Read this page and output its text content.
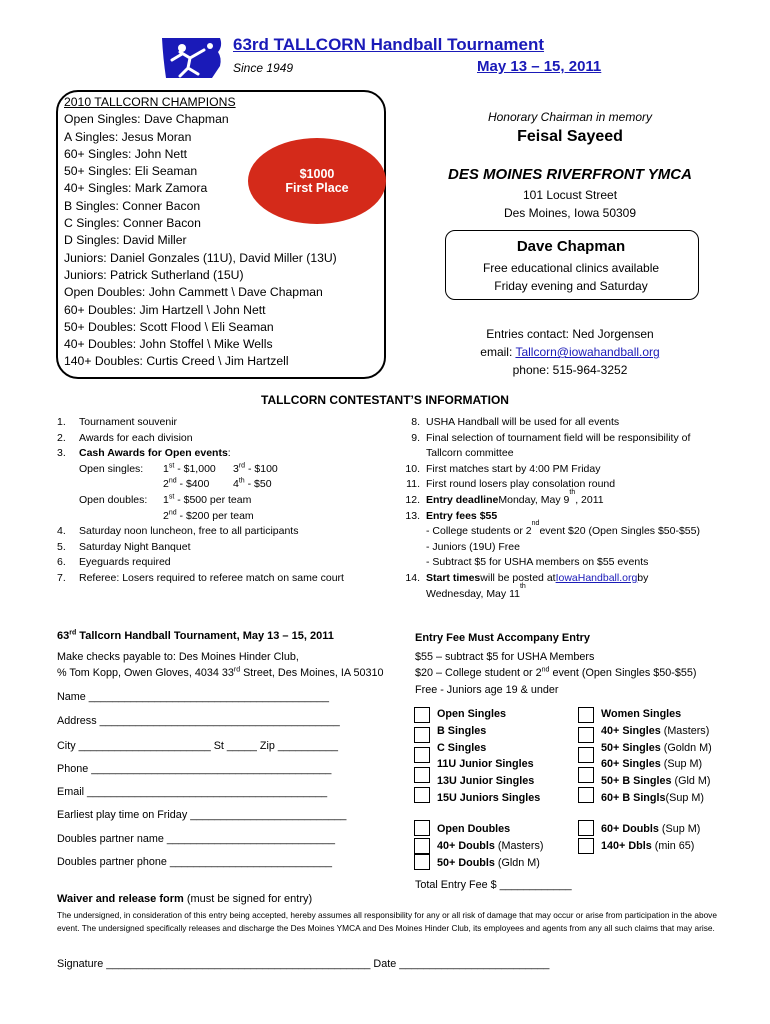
63rd TALLCORN Handball Tournament
Since 1949	May 13 – 15, 2011
2010 TALLCORN CHAMPIONS
Open Singles: Dave Chapman
A Singles: Jesus Moran
60+ Singles: John Nett
50+ Singles: Eli Seaman
40+ Singles: Mark Zamora
B Singles: Conner Bacon
C Singles: Conner Bacon
D Singles: David Miller
Juniors: Daniel Gonzales (11U), David Miller (13U)
Juniors: Patrick Sutherland (15U)
Open Doubles: John Cammett \ Dave Chapman
60+ Doubles: Jim Hartzell \ John Nett
50+ Doubles: Scott Flood \ Eli Seaman
40+ Doubles: John Stoffel \ Mike Wells
140+ Doubles: Curtis Creed \ Jim Hartzell
$1000
First Place
Honorary Chairman in memory
Feisal Sayeed
DES MOINES RIVERFRONT YMCA
101 Locust Street
Des Moines, Iowa 50309
Dave Chapman
Free educational clinics available
Friday evening and Saturday
Entries contact: Ned Jorgensen
email: Tallcorn@iowahandball.org
phone: 515-964-3252
TALLCORN CONTESTANT’S INFORMATION
1.	Tournament souvenir
2.	Awards for each division
3.	Cash Awards for Open events :
Open singles:	1st - $1,000	3rd - $100
2nd - $400	4th - $50
Open doubles:	1st - $500 per team
2nd - $200 per team
4.	Saturday noon luncheon, free to all participants
5.	Saturday Night Banquet
6.	Eyeguards required
7.	Referee: Losers required to referee match on same court
8. USHA Handball will be used for all events
9. Final selection of tournament field will be responsibility of
Tallcorn committee
10. First matches start by 4:00 PM Friday
11. First round losers play consolation round
12. Entry deadline Monday, May 9
th
, 2011
13. Entry fees $55
- College students or 2
nd
event $20 (Open Singles $50-$55)
- Juniors (19U) Free
- Subtract $5 for USHA members on $55 events
14. Start times will be posted at IowaHandball.org by
Wednesday, May 11
th
63rd Tallcorn Handball Tournament, May 13 – 15, 2011
Make checks payable to: Des Moines Hinder Club,
% Tom Kopp, Owen Gloves, 4034 33rd Street, Des Moines, IA 50310
Name ________________________________________
Address ________________________________________
City ______________________ St _____ Zip __________
Phone ________________________________________
Email ________________________________________
Earliest play time on Friday __________________________
Doubles partner name ____________________________
Doubles partner phone ___________________________
Entry Fee Must Accompany Entry
$55 – subtract $5 for USHA Members
$20 – College student or 2nd event (Open Singles $50-$55)
Free - Juniors age 19 & under
Open Singles
B Singles
C Singles
11U Junior Singles
13U Junior Singles
15U Juniors Singles
Women Singles
40+ Singles (Masters)
50+ Singles (Goldn M)
60+ Singles (Sup M)
50+ B Singles (Gld M)
60+ B Singls(Sup M)
Open Doubles
40+ Doubls (Masters)
50+ Doubls (Gldn M)
60+ Doubls (Sup M)
140+ Dbls (min 65)
Total Entry Fee $ ____________
Waiver and release form (must be signed for entry)
The undersigned, in consideration of this entry being accepted, hereby assumes all responsibility for any or all risk of damage that may occur or arise from participation in the above event. The undersigned specifically releases and discharge the Des Moines YMCA and Des Moines Hinder Club, its employees and agents from any all such claims that may arise.
Signature ____________________________________________ Date _________________________
